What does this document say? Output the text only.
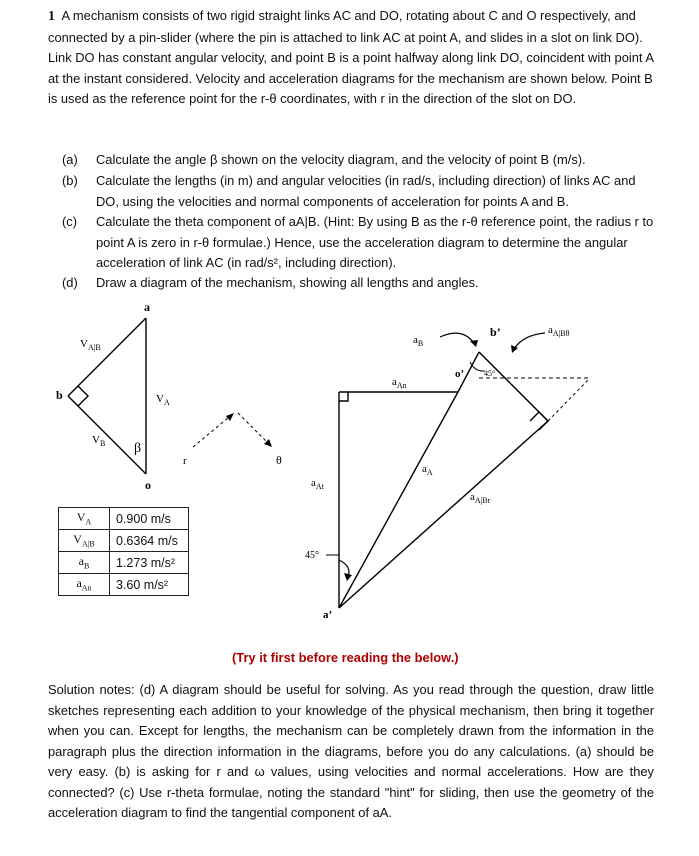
1 A mechanism consists of two rigid straight links AC and DO, rotating about C and O respectively, and connected by a pin-slider (where the pin is attached to link AC at point A, and slides in a slot on link DO). Link DO has constant angular velocity, and point B is a point halfway along link DO, coincident with point A at the instant considered. Velocity and acceleration diagrams for the mechanism are shown below. Point B is used as the reference point for the r-θ coordinates, with r in the direction of the slot on DO.

(a)	Calculate the angle β shown on the velocity diagram, and the velocity of point B (m/s).
(b)	Calculate the lengths (in m) and angular velocities (in rad/s, including direction) of links AC and DO, using the velocities and normal components of acceleration for points A and B.
(c)	Calculate the theta component of aA|B. (Hint: By using B as the r-θ reference point, the radius r to point A is zero in r-θ formulae.) Hence, use the acceleration diagram to determine the angular acceleration of link AC (in rad/s², including direction).
(d)	Draw a diagram of the mechanism, showing all lengths and angles.
a
b
o
$V_{A|B}$
$V_A$
$V_B$ β
r	θ
$V_A$	0.900 m/s
$V_{A|B}$	0.6364 m/s
$a_B$	1.273 m/s²
$a_{An}$	3.60 m/s²
$a_B$
b’	$a_{A|B\theta}$
o’ 45°
$a_{An}$
$a_A$
$a_{A|Br}$
$a_{At}$
45°
a’
(Try it first before reading the below.)

Solution notes: (d) A diagram should be useful for solving. As you read through the question, draw little sketches representing each addition to your knowledge of the physical mechanism, then bring it together when you can. Except for lengths, the mechanism can be completely drawn from the information in the paragraph plus the direction information in the diagrams, before you do any calculations. (a) should be very easy. (b) is asking for r and ω values, using velocities and normal accelerations. How are they connected? (c) Use r-theta formulae, noting the standard "hint" for sliding, then use the geometry of the acceleration diagram to find the tangential component of aA.
